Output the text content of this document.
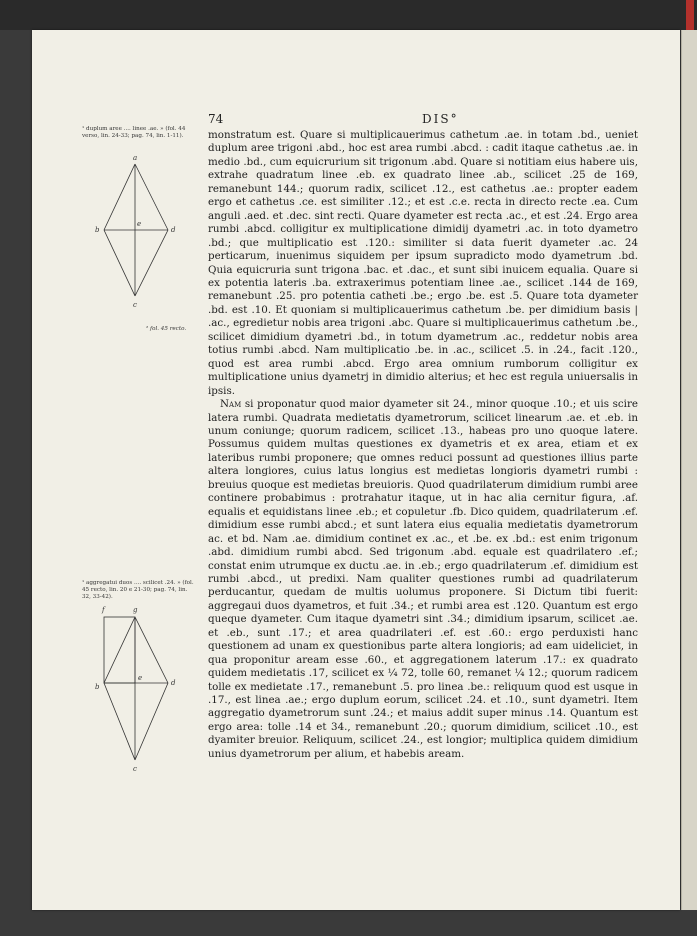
74	DIS°
¹ duplum aree .... linee .ae. » (fol. 44 verso, lin. 24-33; pag. 74, lin. 1-11).
² fol. 45 recto.
¹ aggregatui duos .... scilicet .24. » (fol. 45 recto, lin. 20 e 21-30; pag. 74, lin. 32, 33-42).
a
b
e
d
c
f	g
b
e
d
c

monstratum est. Quare si multiplicauerimus cathetum .ae. in totam .bd., ueniet duplum aree trigoni .abd., hoc est area rumbi .abcd. : cadit itaque cathetus .ae. in medio .bd., cum equicrurium sit trigonum .abd. Quare si notitiam eius habere uis, extrahe quadratum linee .eb. ex quadrato linee .ab., scilicet .25 de 169, remanebunt 144.; quorum radix, scilicet .12., est cathetus .ae.: propter eadem ergo et cathetus .ce. est similiter .12.; et est .c.e. recta in directo recte .ea. Cum anguli .aed. et .dec. sint recti. Quare dyameter est recta .ac., et est .24. Ergo area rumbi .abcd. colligitur ex multiplicatione dimidij dyametri .ac. in toto dyametro .bd.; que multiplicatio est .120.: similiter si data fuerit dyameter .ac. 24 perticarum, inuenimus siquidem per ipsum supradicto modo dyametrum .bd. Quia equicruria sunt trigona .bac. et .dac., et sunt sibi inuicem equalia. Quare si ex potentia lateris .ba. extraxerimus potentiam linee .ae., scilicet .144 de 169, remanebunt .25. pro potentia catheti .be.; ergo .be. est .5. Quare tota dyameter .bd. est .10. Et quoniam si multiplicauerimus cathetum .be. per dimidium basis | .ac., egredietur nobis area trigoni .abc. Quare si multiplicauerimus cathetum .be., scilicet dimidium dyametri .bd., in totum dyametrum .ac., reddetur nobis area totius rumbi .abcd. Nam multiplicatio .be. in .ac., scilicet .5. in .24., facit .120., quod est area rumbi .abcd. Ergo area omnium rumborum colligitur ex multiplicatione unius dyametrj in dimidio alterius; et hec est regula uniuersalis in ipsis.

Nam si proponatur quod maior dyameter sit 24., minor quoque .10.; et uis scire latera rumbi. Quadrata medietatis dyametrorum, scilicet linearum .ae. et .eb. in unum coniunge; quorum radicem, scilicet .13., habeas pro uno quoque latere. Possumus quidem multas questiones ex dyametris et ex area, etiam et ex lateribus rumbi proponere; que omnes reduci possunt ad questiones illius parte altera longiores, cuius latus longius est medietas longioris dyametri rumbi : breuius quoque est medietas breuioris. Quod quadrilaterum dimidium rumbi aree continere probabimus : protrahatur itaque, ut in hac alia cernitur figura, .af. equalis et equidistans linee .eb.; et copuletur .fb. Dico quidem, quadrilaterum .ef. dimidium esse rumbi abcd.; et sunt latera eius equalia medietatis dyametrorum ac. et bd. Nam .ae. dimidium continet ex .ac., et .be. ex .bd.: est enim trigonum .abd. dimidium rumbi abcd. Sed trigonum .abd. equale est quadrilatero .ef.; constat enim utrumque ex ductu .ae. in .eb.; ergo quadrilaterum .ef. dimidium est rumbi .abcd., ut predixi. Nam qualiter questiones rumbi ad quadrilaterum perducantur, quedam de multis uolumus proponere. Si Dictum tibi fuerit: aggregaui duos dyametros, et fuit .34.; et rumbi area est .120. Quantum est ergo queque dyameter. Cum itaque dyametri sint .34.; dimidium ipsarum, scilicet .ae. et .eb., sunt .17.; et area quadrilateri .ef. est .60.: ergo perduxisti hanc questionem ad unam ex questionibus parte altera longioris; ad eam uideliciet, in qua proponitur aream esse .60., et aggregationem laterum .17.: ex quadrato quidem medietatis .17, scilicet ex ¼ 72, tolle 60, remanet ¼ 12.; quorum radicem tolle ex medietate .17., remanebunt .5. pro linea .be.: reliquum quod est usque in .17., est linea .ae.; ergo duplum eorum, scilicet .24. et .10., sunt dyametri. Item aggregatio dyametrorum sunt .24.; et maius addit super minus .14. Quantum est ergo area: tolle .14 et 34., remanebunt .20.; quorum dimidium, scilicet .10., est dyamiter breuior. Reliquum, scilicet .24., est longior; multiplica quidem dimidium unius dyametrorum per alium, et habebis aream.
